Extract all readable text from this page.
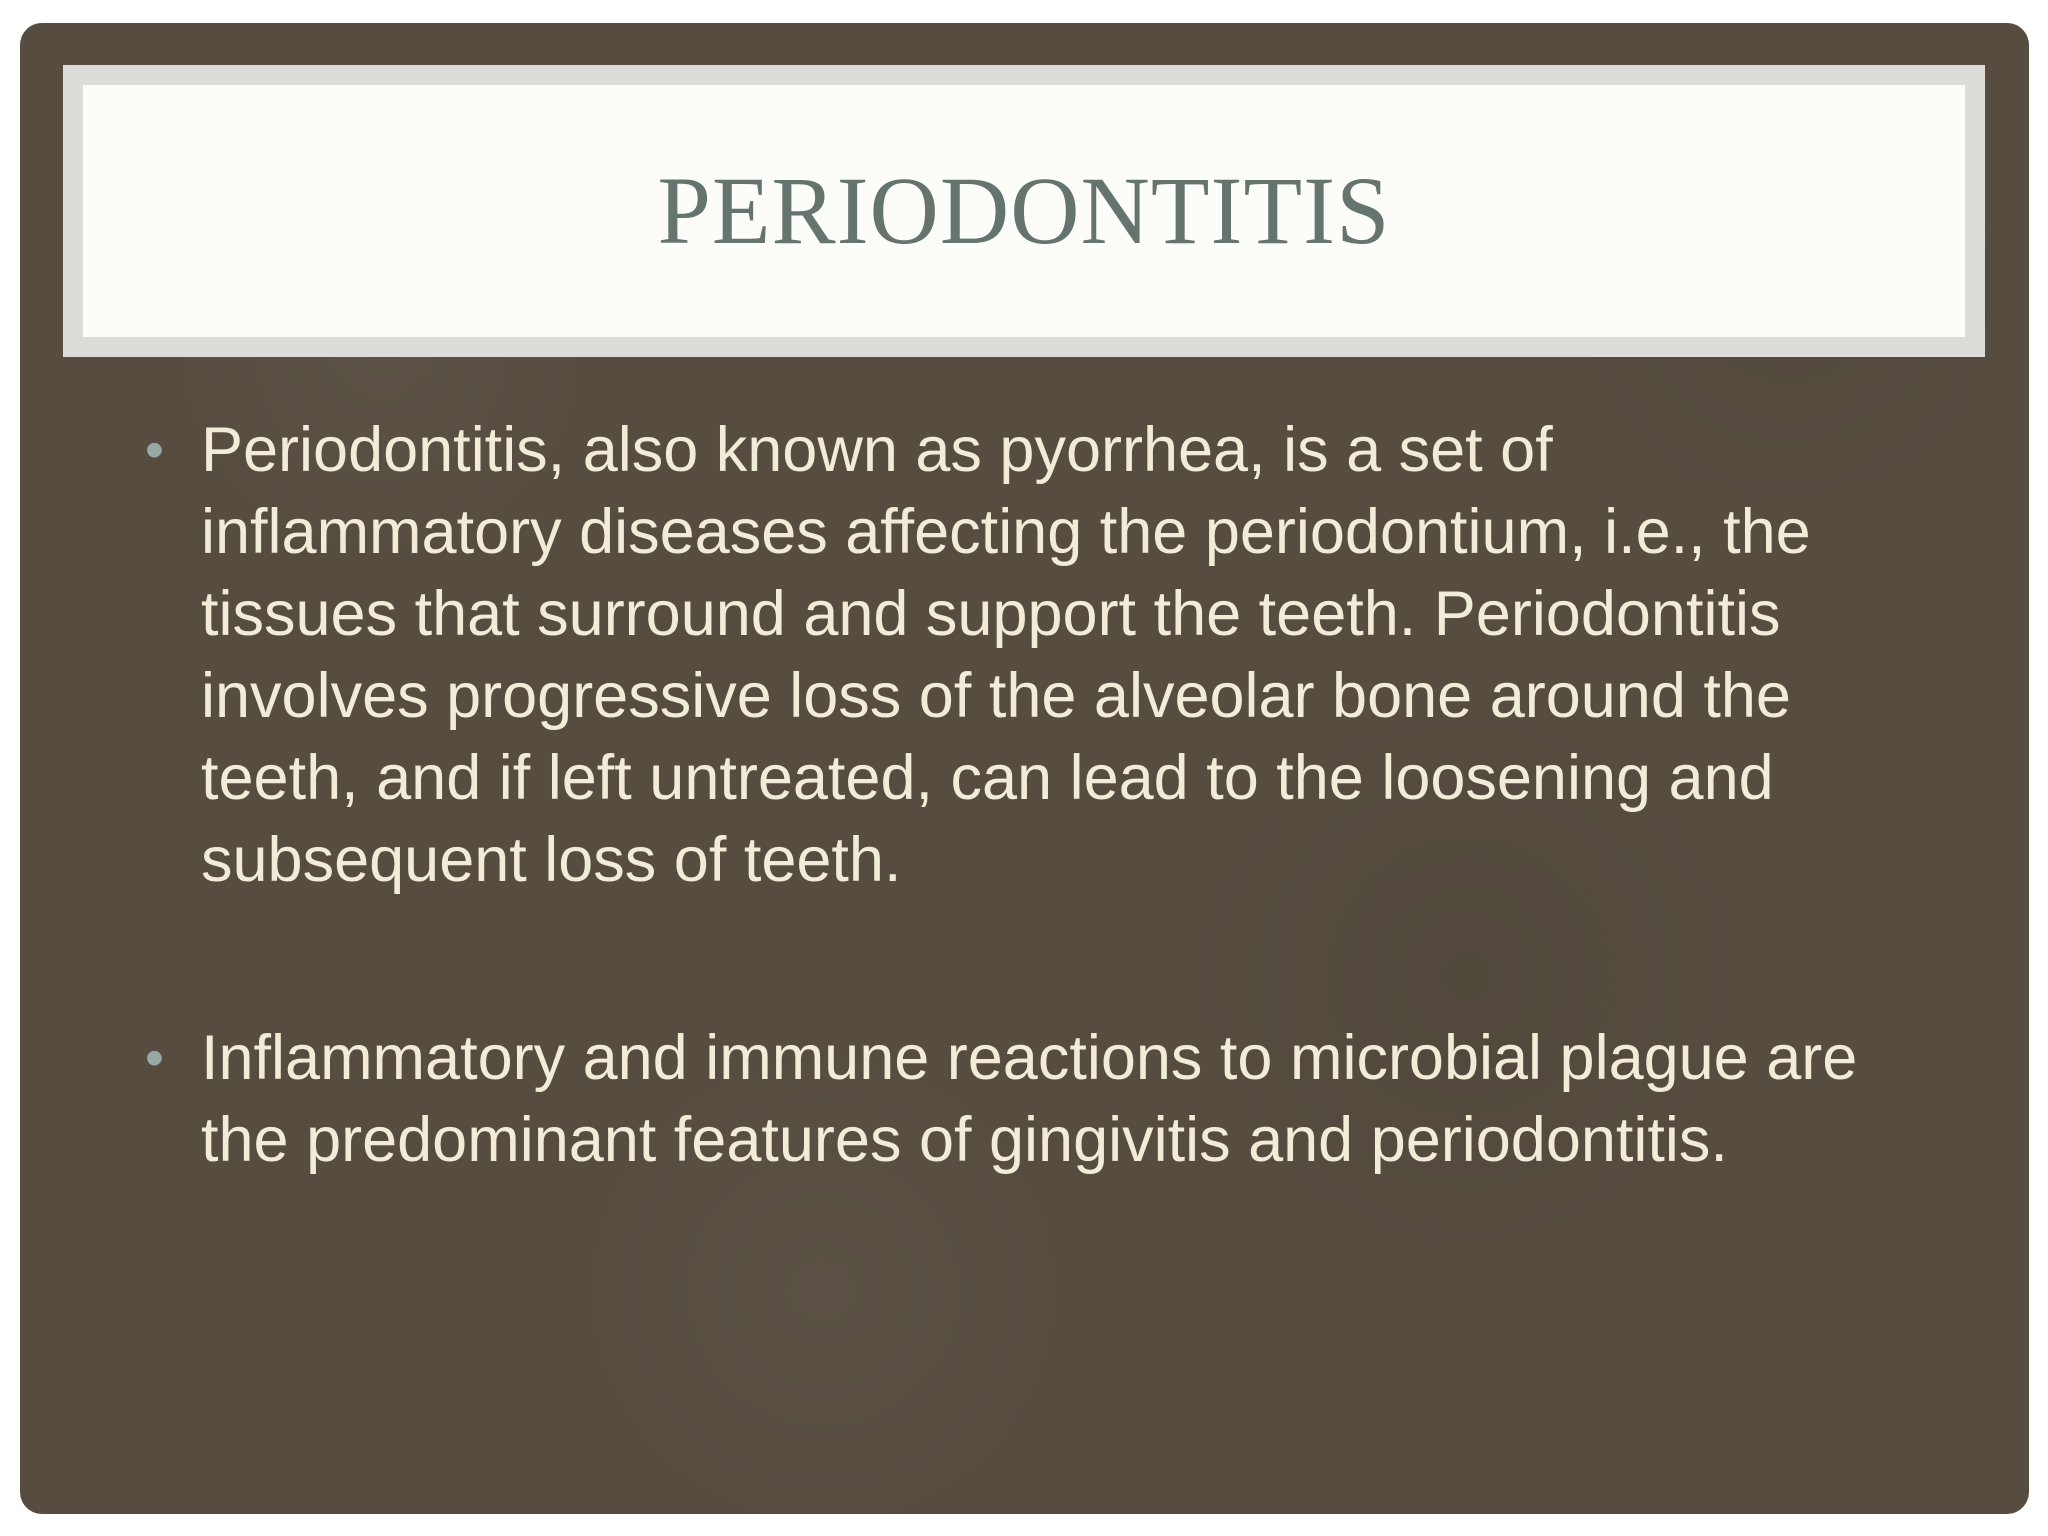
PERIODONTITIS
• Periodontitis, also known as pyorrhea, is a set of inflammatory diseases affecting the periodontium, i.e., the tissues that surround and support the teeth. Periodontitis involves progressive loss of the alveolar bone around the teeth, and if left untreated, can lead to the loosening and subsequent loss of teeth.
• Inflammatory and immune reactions to microbial plague are the predominant features of gingivitis and periodontitis.
